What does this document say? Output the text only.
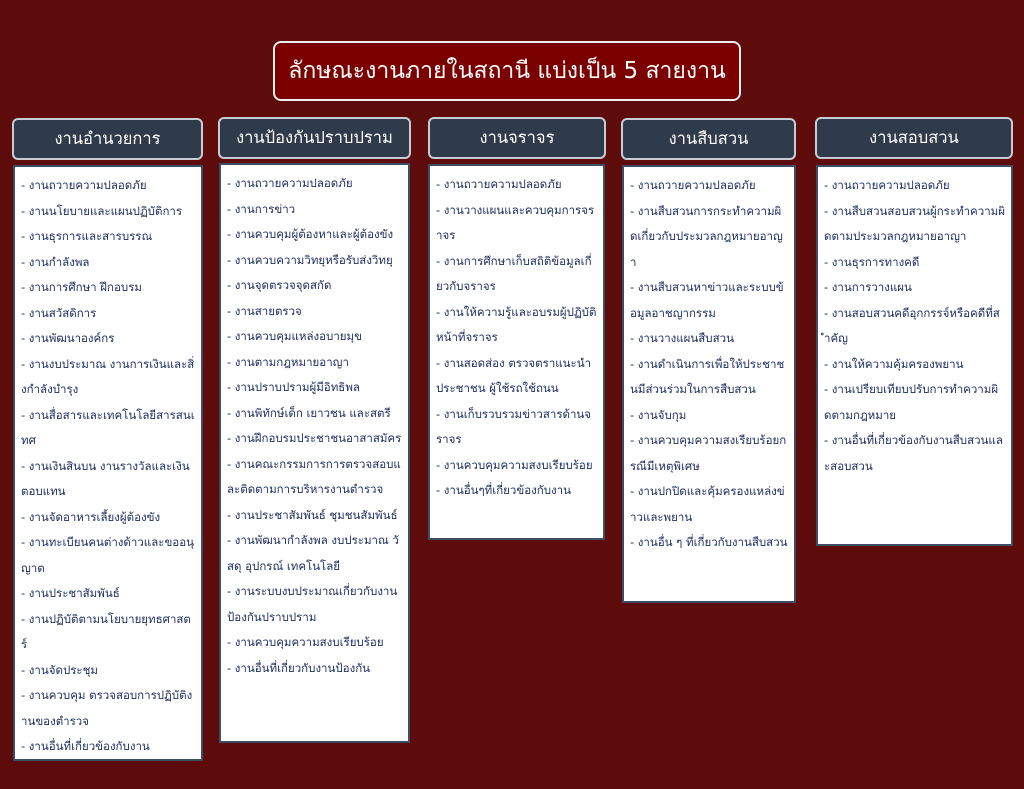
ลักษณะงานภายในสถานี แบ่งเป็น 5 สายงาน
งานอำนวยการ	งานป้องกันปราบปราม	งานจราจร	งานสืบสวน	งานสอบสวน
- งานถวายความปลอดภัย
- งานนโยบายและแผนปฏิบัติการ
- งานธุรการและสารบรรณ
- งานกำลังพล
- งานการศึกษา ฝึกอบรม
- งานสวัสดิการ
- งานพัฒนาองค์กร
- งานงบประมาณ งานการเงินและสิ่งกำลังบำรุง
- งานสื่อสารและเทคโนโลยีสารสนเทศ
- งานเงินสินบน งานรางวัลและเงินตอบแทน
- งานจัดอาหารเลี้ยงผู้ต้องขัง
- งานทะเบียนคนต่างด้าวและขออนุญาต
- งานประชาสัมพันธ์
- งานปฏิบัติตามนโยบายยุทธศาสตร์
- งานจัดประชุม
- งานควบคุม ตรวจสอบการปฏิบัติงานของตำรวจ
- งานอื่นที่เกี่ยวข้องกับงาน
- งานถวายความปลอดภัย
- งานการข่าว
- งานควบคุมผู้ต้องหาและผู้ต้องขัง
- งานควบความวิทยุหรือรับส่งวิทยุ
- งานจุดตรวจจุดสกัด
- งานสายตรวจ
- งานควบคุมแหล่งอบายมุข
- งานตามกฎหมายอาญา
- งานปราบปรามผู้มีอิทธิพล
- งานพิทักษ์เด็ก เยาวชน และสตรี
- งานฝึกอบรมประชาชนอาสาสมัคร
- งานคณะกรรมการการตรวจสอบและติดตามการบริหารงานตำรวจ
- งานประชาสัมพันธ์ ชุมชนสัมพันธ์
- งานพัฒนากำลังพล งบประมาณ วัสดุ อุปกรณ์ เทคโนโลยี
- งานระบบงบประมาณเกี่ยวกับงานป้องกันปราบปราม
- งานควบคุมความสงบเรียบร้อย
- งานอื่นที่เกี่ยวกับงานป้องกัน
- งานถวายความปลอดภัย
- งานวางแผนและควบคุมการจราจร
- งานการศึกษาเก็บสถิติข้อมูลเกี่ยวกับจราจร
- งานให้ความรู้และอบรมผู้ปฏิบัติหน้าที่จราจร
- งานสอดส่อง ตรวจตราแนะนำประชาชน ผู้ใช้รถใช้ถนน
- งานเก็บรวบรวมข่าวสารด้านจราจร
- งานควบคุมความสงบเรียบร้อย
- งานอื่นๆที่เกี่ยวข้องกับงาน
- งานถวายความปลอดภัย
- งานสืบสวนการกระทำความผิดเกี่ยวกับประมวลกฎหมายอาญา
- งานสืบสวนหาข่าวและระบบข้อมูลอาชญากรรม
- งานวางแผนสืบสวน
- งานดำเนินการเพื่อให้ประชาชนมีส่วนร่วมในการสืบสวน
- งานจับกุม
- งานควบคุมความสงเรียบร้อยกรณีมีเหตุพิเศษ
- งานปกปิดและคุ้มครองแหล่งข่าวและพยาน
- งานอื่น ๆ ที่เกี่ยวกับงานสืบสวน
- งานถวายความปลอดภัย
- งานสืบสวนสอบสวนผู้กระทำความผิดตามประมวลกฎหมายอาญา
- งานธุรการทางคดี
- งานการวางแผน
- งานสอบสวนคดีอุกกรรจ์หรือคดีที่สำคัญ
- งานให้ความคุ้มครองพยาน
- งานเปรียบเทียบปรับการทำความผิดตามกฎหมาย
- งานอื่นที่เกี่ยวข้องกับงานสืบสวนและสอบสวน
